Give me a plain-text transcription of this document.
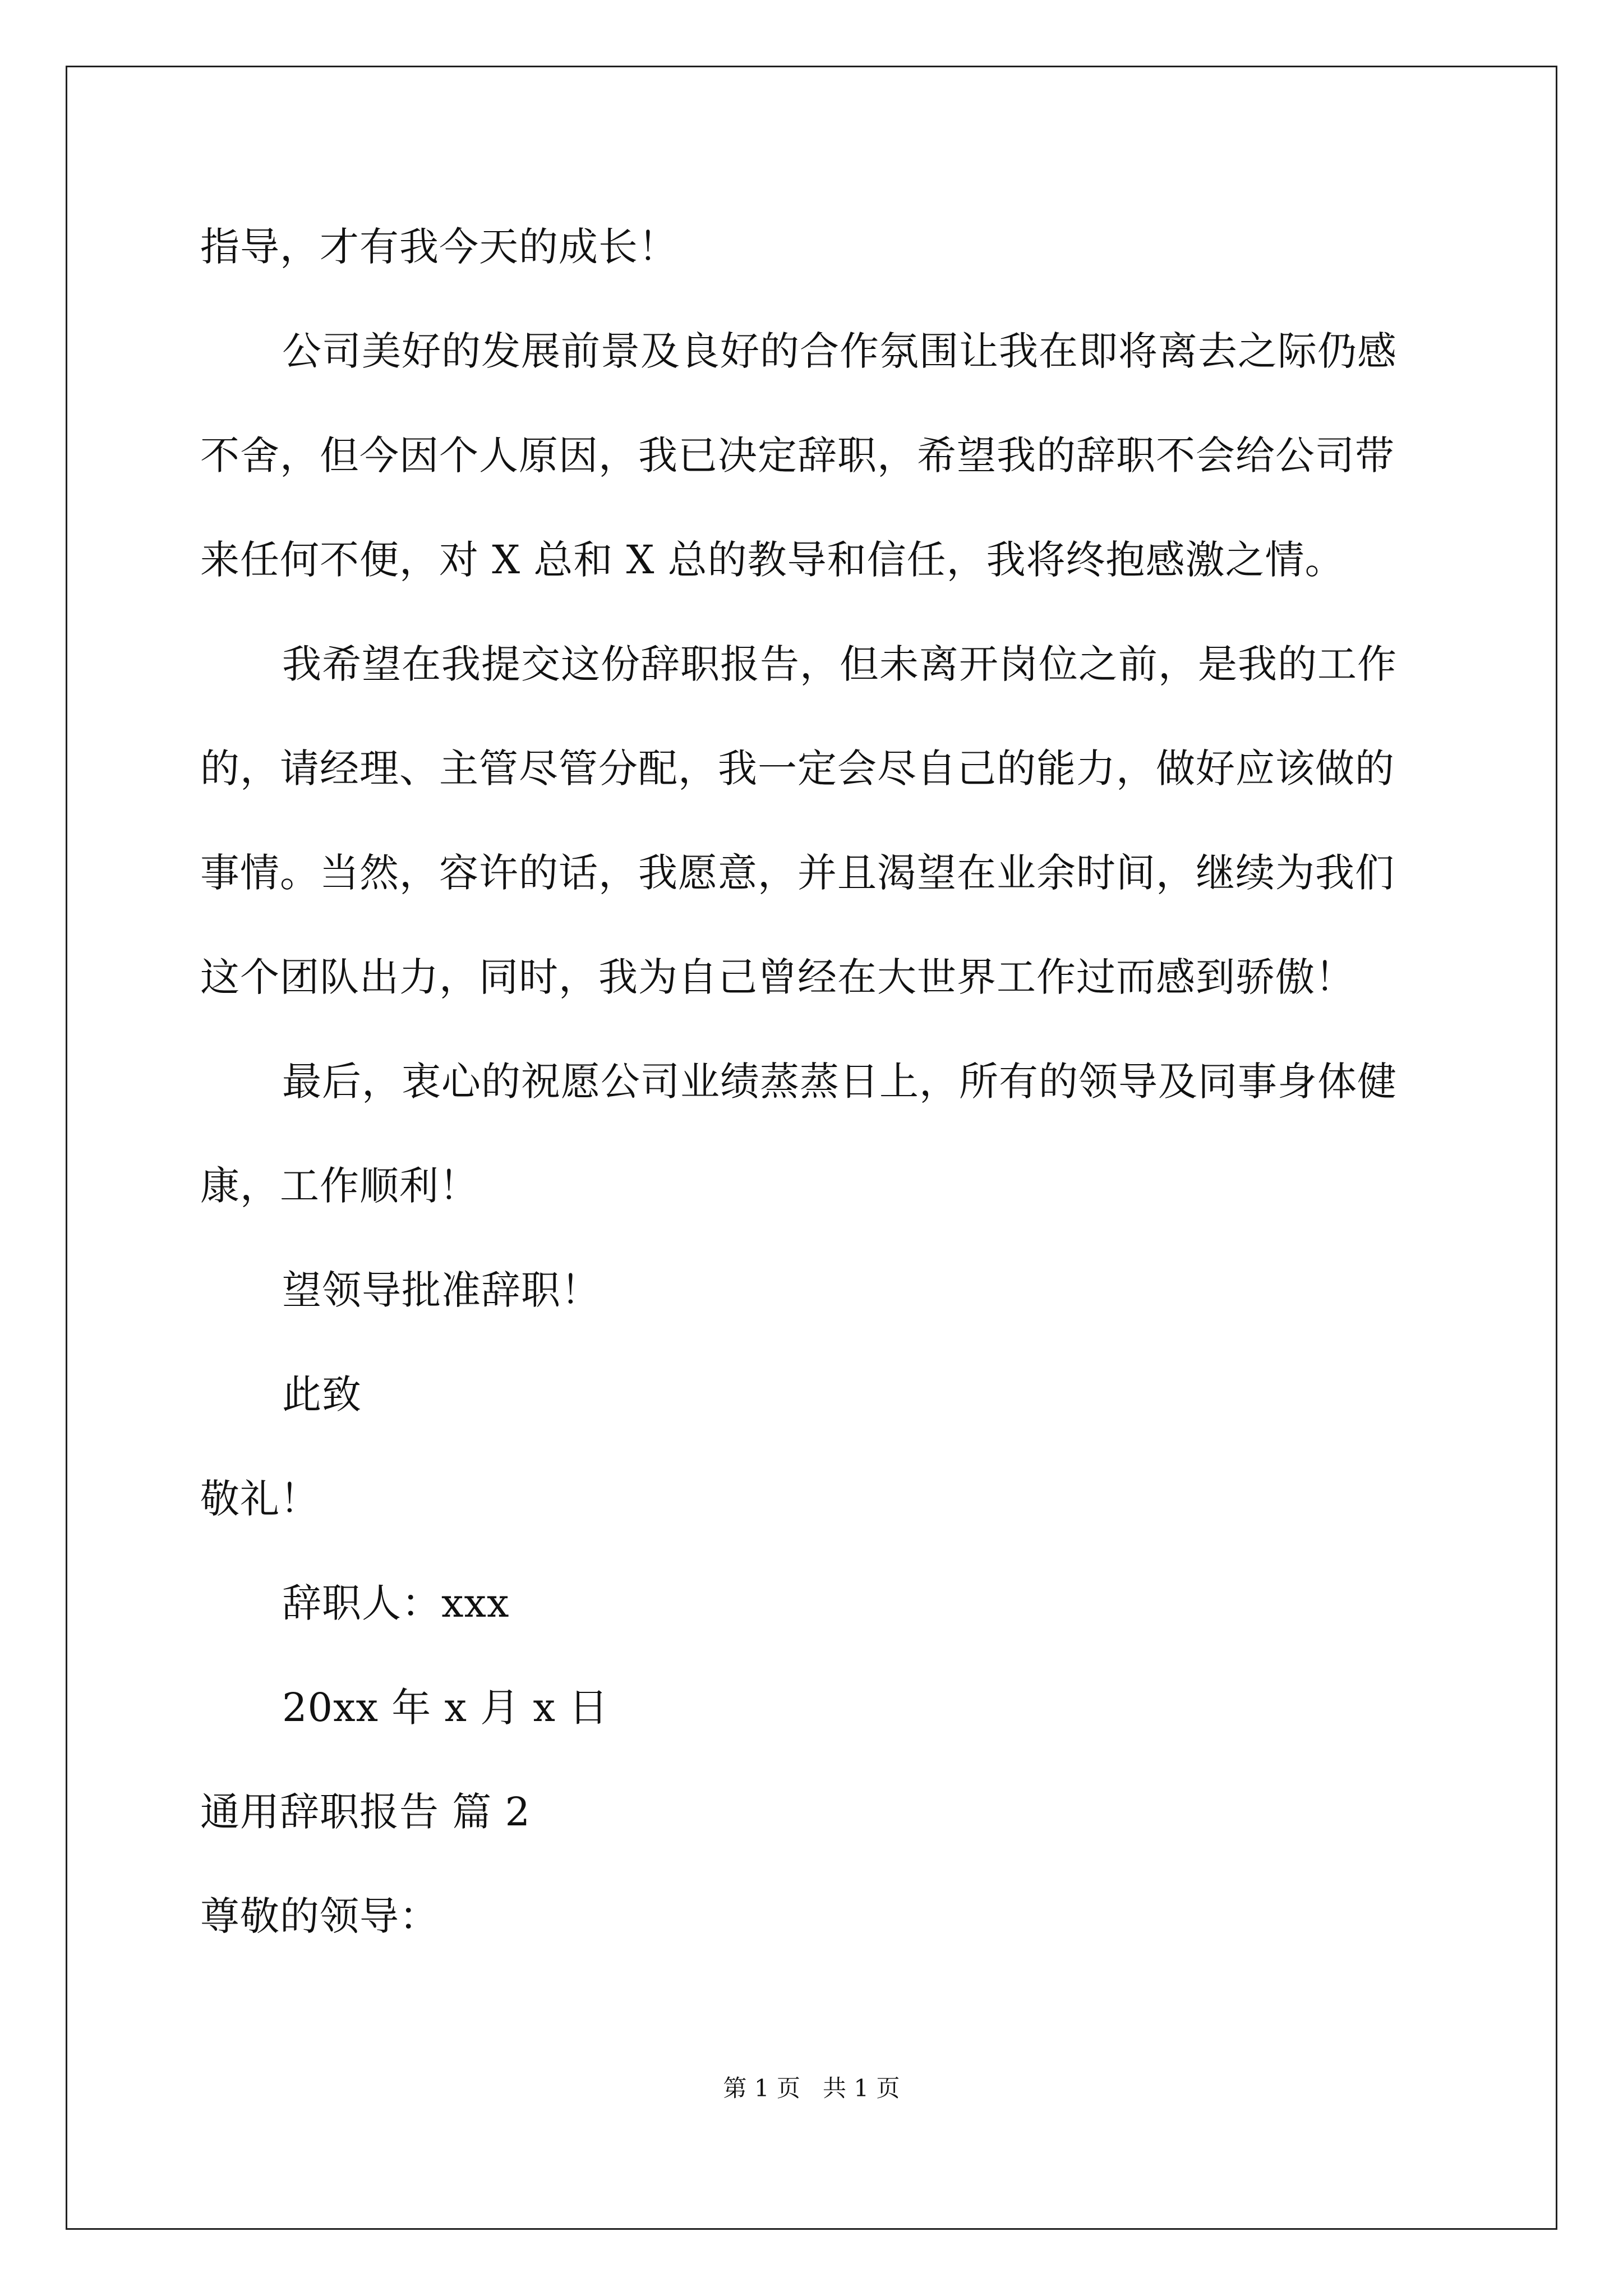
指导，才有我今天的成长！
公司美好的发展前景及良好的合作氛围让我在即将离去之际仍感
不舍，但今因个人原因，我已决定辞职，希望我的辞职不会给公司带
来任何不便，对 X 总和 X 总的教导和信任，我将终抱感激之情。
我希望在我提交这份辞职报告，但未离开岗位之前，是我的工作
的，请经理、主管尽管分配，我一定会尽自己的能力，做好应该做的
事情。当然，容许的话，我愿意，并且渴望在业余时间，继续为我们
这个团队出力，同时，我为自己曾经在大世界工作过而感到骄傲！
最后，衷心的祝愿公司业绩蒸蒸日上，所有的领导及同事身体健
康，工作顺利！
望领导批准辞职！
此致
敬礼！
辞职人：xxx
20xx 年 x 月 x 日
通用辞职报告 篇 2
尊敬的领导：
第 1 页   共 1 页
